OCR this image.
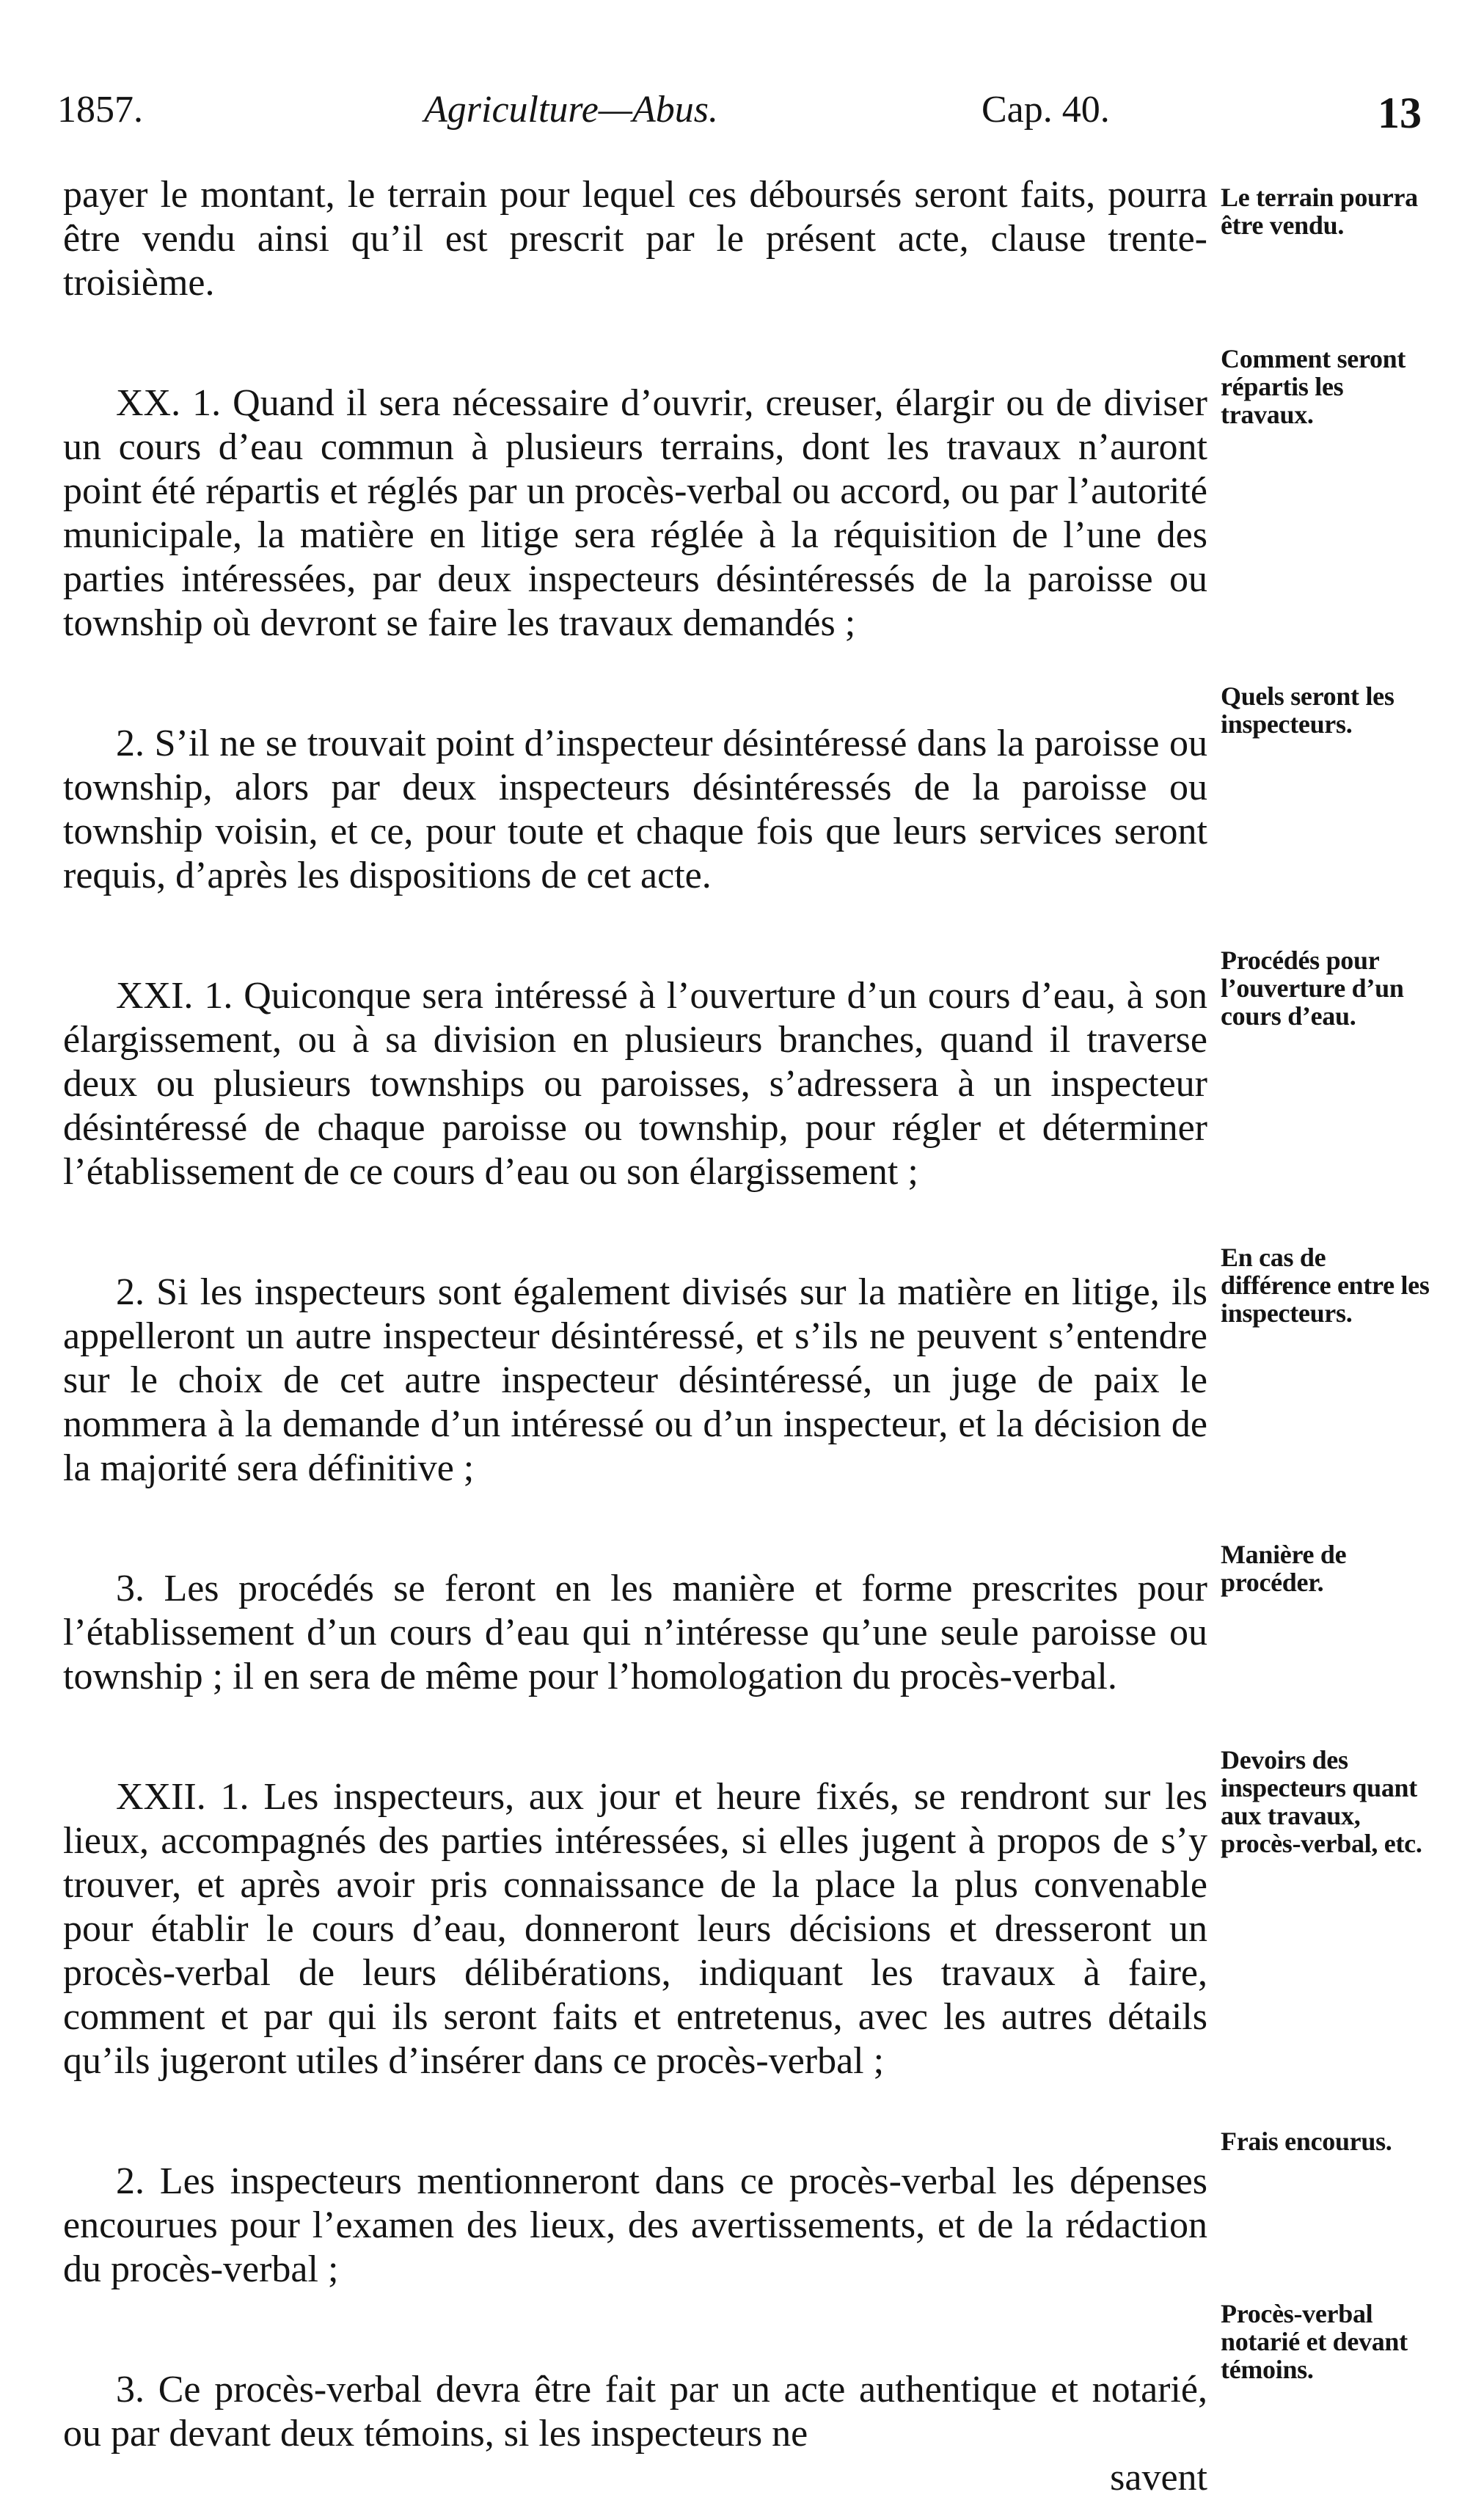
1857.	Agriculture—Abus.	Cap. 40.	13

payer le montant, le terrain pour lequel ces déboursés seront faits, pourra être vendu ainsi qu’il est prescrit par le présent acte, clause trente-troisième.

XX. 1. Quand il sera nécessaire d’ouvrir, creuser, élargir ou de diviser un cours d’eau commun à plusieurs terrains, dont les travaux n’auront point été répartis et réglés par un procès-verbal ou accord, ou par l’autorité municipale, la matière en litige sera réglée à la réquisition de l’une des parties intéressées, par deux inspecteurs désintéressés de la paroisse ou township où devront se faire les travaux demandés ;

2. S’il ne se trouvait point d’inspecteur désintéressé dans la paroisse ou township, alors par deux inspecteurs désintéressés de la paroisse ou township voisin, et ce, pour toute et chaque fois que leurs services seront requis, d’après les dispositions de cet acte.

XXI. 1. Quiconque sera intéressé à l’ouverture d’un cours d’eau, à son élargissement, ou à sa division en plusieurs branches, quand il traverse deux ou plusieurs townships ou paroisses, s’adressera à un inspecteur désintéressé de chaque paroisse ou township, pour régler et déterminer l’établissement de ce cours d’eau ou son élargissement ;

2. Si les inspecteurs sont également divisés sur la matière en litige, ils appelleront un autre inspecteur désintéressé, et s’ils ne peuvent s’entendre sur le choix de cet autre inspecteur désintéressé, un juge de paix le nommera à la demande d’un intéressé ou d’un inspecteur, et la décision de la majorité sera définitive ;

3. Les procédés se feront en les manière et forme prescrites pour l’établissement d’un cours d’eau qui n’intéresse qu’une seule paroisse ou township ; il en sera de même pour l’homologation du procès-verbal.

XXII. 1. Les inspecteurs, aux jour et heure fixés, se rendront sur les lieux, accompagnés des parties intéressées, si elles jugent à propos de s’y trouver, et après avoir pris connaissance de la place la plus convenable pour établir le cours d’eau, donneront leurs décisions et dresseront un procès-verbal de leurs délibérations, indiquant les travaux à faire, comment et par qui ils seront faits et entretenus, avec les autres détails qu’ils jugeront utiles d’insérer dans ce procès-verbal ;

2. Les inspecteurs mentionneront dans ce procès-verbal les dépenses encourues pour l’examen des lieux, des avertissements, et de la rédaction du procès-verbal ;

3. Ce procès-verbal devra être fait par un acte authentique et notarié, ou par devant deux témoins, si les inspecteurs ne

savent

Le terrain pourra être vendu.
Comment seront répartis les travaux.
Quels seront les inspecteurs.
Procédés pour l’ouverture d’un cours d’eau.
En cas de différence entre les inspecteurs.
Manière de procéder.
Devoirs des inspecteurs quant aux travaux, procès-verbal, etc.
Frais encourus.
Procès-verbal notarié et devant témoins.
